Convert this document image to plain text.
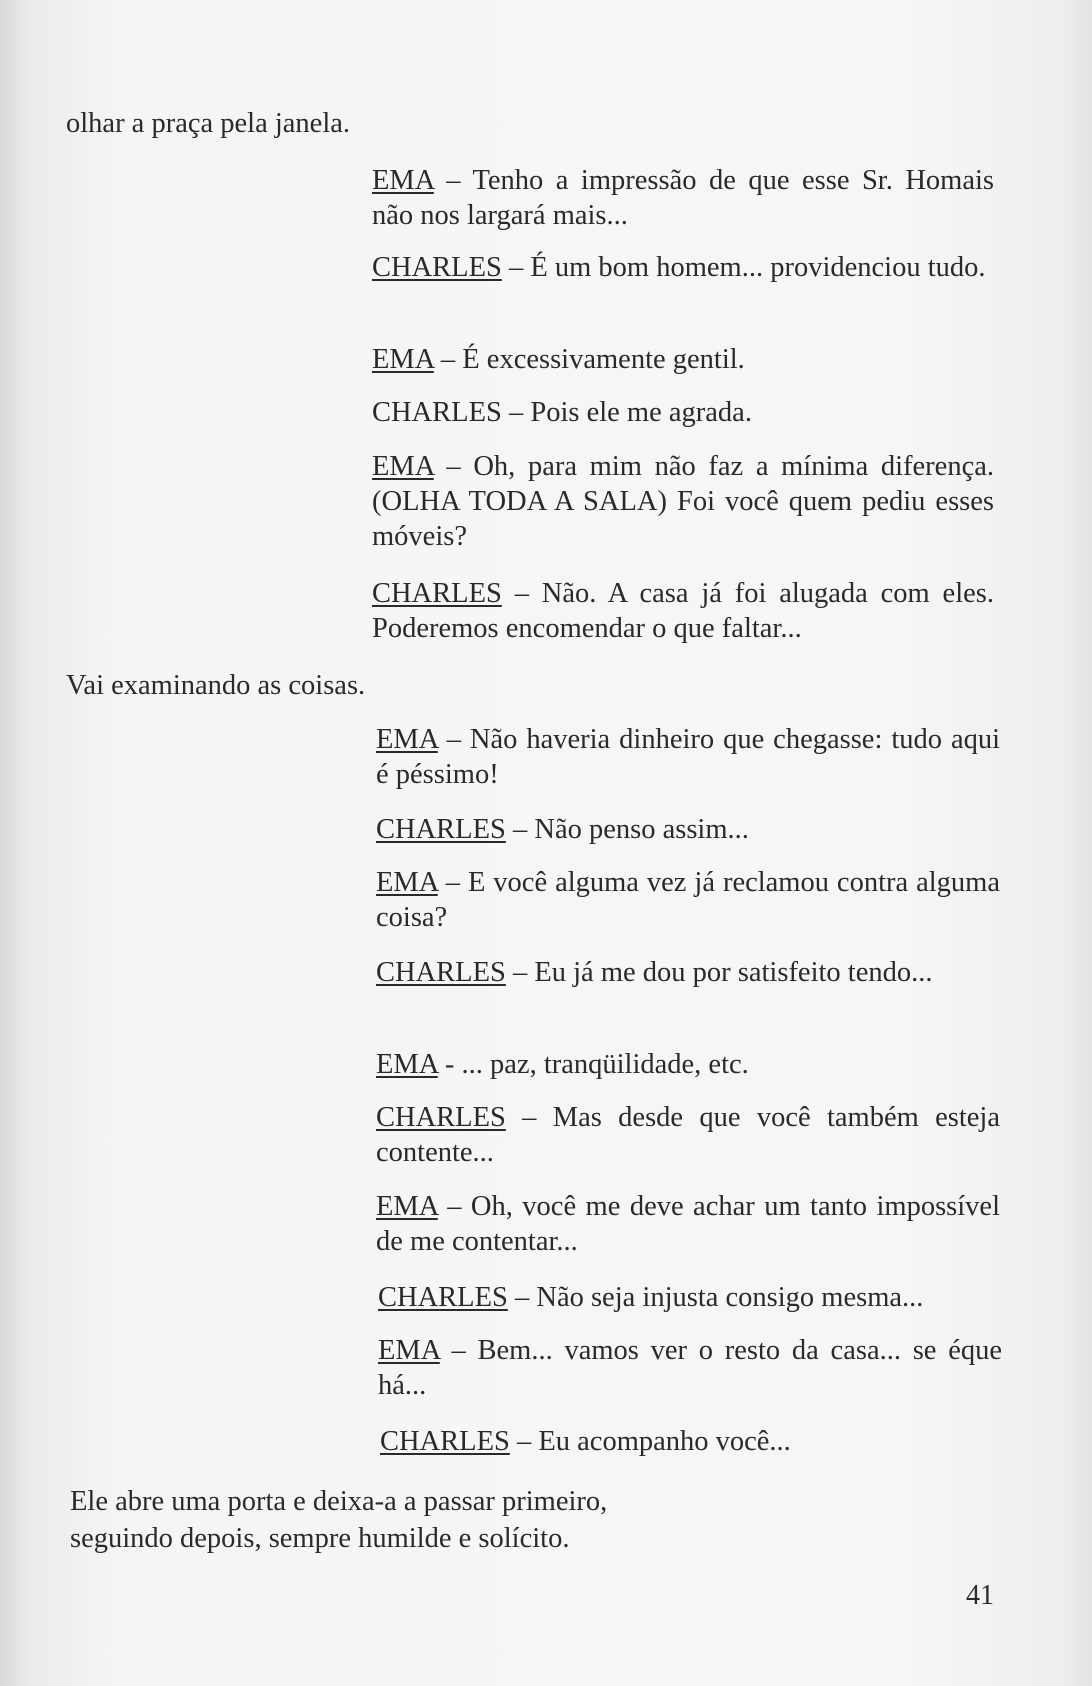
olhar a praça pela janela.
EMA – Tenho a impressão de que esse Sr. Homais não nos largará mais...
CHARLES – É um bom homem... providenciou tudo.
EMA – É excessivamente gentil.
CHARLES – Pois ele me agrada.
EMA – Oh, para mim não faz a mínima diferença. (OLHA TODA A SALA) Foi você quem pediu esses móveis?
CHARLES – Não. A casa já foi alugada com eles. Poderemos encomendar o que faltar...
Vai examinando as coisas.
EMA – Não haveria dinheiro que chegasse: tudo aqui é péssimo!
CHARLES – Não penso assim...
EMA – E você alguma vez já reclamou contra alguma coisa?
CHARLES – Eu já me dou por satisfeito tendo...
EMA - ... paz, tranqüilidade, etc.
CHARLES – Mas desde que você também esteja contente...
EMA – Oh, você me deve achar um tanto impossível de me contentar...
CHARLES – Não seja injusta consigo mesma...
EMA – Bem... vamos ver o resto da casa... se éque há...
CHARLES – Eu acompanho você...
Ele abre uma porta e deixa-a a passar primeiro,
seguindo depois, sempre humilde e solícito.
41
